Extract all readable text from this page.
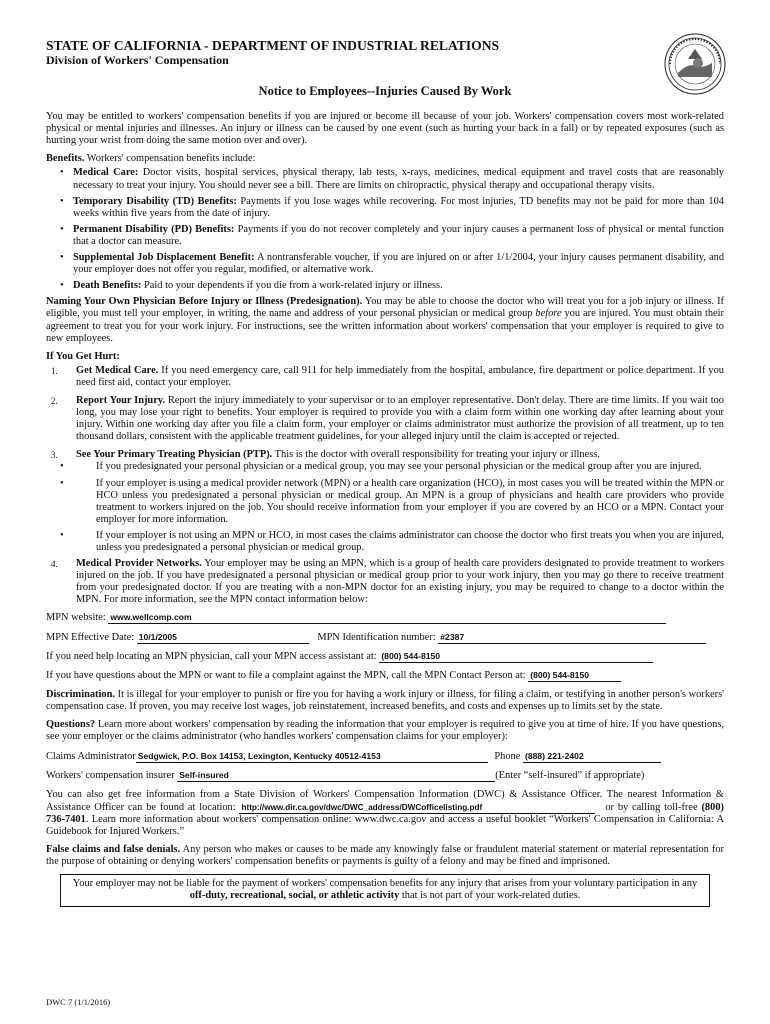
STATE OF CALIFORNIA - DEPARTMENT OF INDUSTRIAL RELATIONS
Division of Workers' Compensation
Notice to Employees--Injuries Caused By Work

You may be entitled to workers' compensation benefits if you are injured or become ill because of your job. Workers' compensation covers most work-related physical or mental injuries and illnesses. An injury or illness can be caused by one event (such as hurting your back in a fall) or by repeated exposures (such as hurting your wrist from doing the same motion over and over).

Benefits. Workers' compensation benefits include:
• Medical Care: Doctor visits, hospital services, physical therapy, lab tests, x-rays, medicines, medical equipment and travel costs that are reasonably necessary to treat your injury. You should never see a bill. There are limits on chiropractic, physical therapy and occupational therapy visits.
• Temporary Disability (TD) Benefits: Payments if you lose wages while recovering. For most injuries, TD benefits may not be paid for more than 104 weeks within five years from the date of injury.
• Permanent Disability (PD) Benefits: Payments if you do not recover completely and your injury causes a permanent loss of physical or mental function that a doctor can measure.
• Supplemental Job Displacement Benefit: A nontransferable voucher, if you are injured on or after 1/1/2004, your injury causes permanent disability, and your employer does not offer you regular, modified, or alternative work.
• Death Benefits: Paid to your dependents if you die from a work-related injury or illness.

Naming Your Own Physician Before Injury or Illness (Predesignation). You may be able to choose the doctor who will treat you for a job injury or illness. If eligible, you must tell your employer, in writing, the name and address of your personal physician or medical group before you are injured. You must obtain their agreement to treat you for your work injury. For instructions, see the written information about workers' compensation that your employer is required to give to new employees.

If You Get Hurt:
1. Get Medical Care. If you need emergency care, call 911 for help immediately from the hospital, ambulance, fire department or police department. If you need first aid, contact your employer.
2. Report Your Injury. Report the injury immediately to your supervisor or to an employer representative. Don't delay. There are time limits. If you wait too long, you may lose your right to benefits. Your employer is required to provide you with a claim form within one working day after learning about your injury. Within one working day after you file a claim form, your employer or claims administrator must authorize the provision of all treatment, up to ten thousand dollars, consistent with the applicable treatment guidelines, for your alleged injury until the claim is accepted or rejected.
3. See Your Primary Treating Physician (PTP). This is the doctor with overall responsibility for treating your injury or illness.
• If you predesignated your personal physician or a medical group, you may see your personal physician or the medical group after you are injured.
• If your employer is using a medical provider network (MPN) or a health care organization (HCO), in most cases you will be treated within the MPN or HCO unless you predesignated a personal physician or medical group. An MPN is a group of physicians and health care providers who provide treatment to workers injured on the job. You should receive information from your employer if you are covered by an HCO or a MPN. Contact your employer for more information.
• If your employer is not using an MPN or HCO, in most cases the claims administrator can choose the doctor who first treats you when you are injured, unless you predesignated a personal physician or medical group.
4. Medical Provider Networks. Your employer may be using an MPN, which is a group of health care providers designated to provide treatment to workers injured on the job. If you have predesignated a personal physician or medical group prior to your work injury, then you may go there to receive treatment from your predesignated doctor. If you are treating with a non-MPN doctor for an existing injury, you may be required to change to a doctor within the MPN. For more information, see the MPN contact information below:
MPN website: www.wellcomp.com
MPN Effective Date: 10/1/2005	MPN Identification number: #2387
If you need help locating an MPN physician, call your MPN access assistant at: (800) 544-8150
If you have questions about the MPN or want to file a complaint against the MPN, call the MPN Contact Person at: (800) 544-8150

Discrimination. It is illegal for your employer to punish or fire you for having a work injury or illness, for filing a claim, or testifying in another person's workers' compensation case. If proven, you may receive lost wages, job reinstatement, increased benefits, and costs and expenses up to limits set by the state.

Questions? Learn more about workers' compensation by reading the information that your employer is required to give you at time of hire. If you have questions, see your employer or the claims administrator (who handles workers' compensation claims for your employer):

Claims Administrator Sedgwick, P.O. Box 14153, Lexington, Kentucky 40512-4153	Phone (888) 221-2402
Workers' compensation insurer Self-insured	(Enter “self-insured” if appropriate)

You can also get free information from a State Division of Workers' Compensation Information (DWC) & Assistance Officer. The nearest Information & Assistance Officer can be found at location: http://www.dir.ca.gov/dwc/DWC_address/DWCofficelisting.pdf	or by calling toll-free (800) 736-7401. Learn more information about workers' compensation online: www.dwc.ca.gov and access a useful booklet “Workers' Compensation in California: A Guidebook for Injured Workers.”

False claims and false denials. Any person who makes or causes to be made any knowingly false or fraudulent material statement or material representation for the purpose of obtaining or denying workers' compensation benefits or payments is guilty of a felony and may be fined and imprisoned.

Your employer may not be liable for the payment of workers' compensation benefits for any injury that arises from your voluntary participation in any off-duty, recreational, social, or athletic activity that is not part of your work-related duties.
DWC 7 (1/1/2016)
